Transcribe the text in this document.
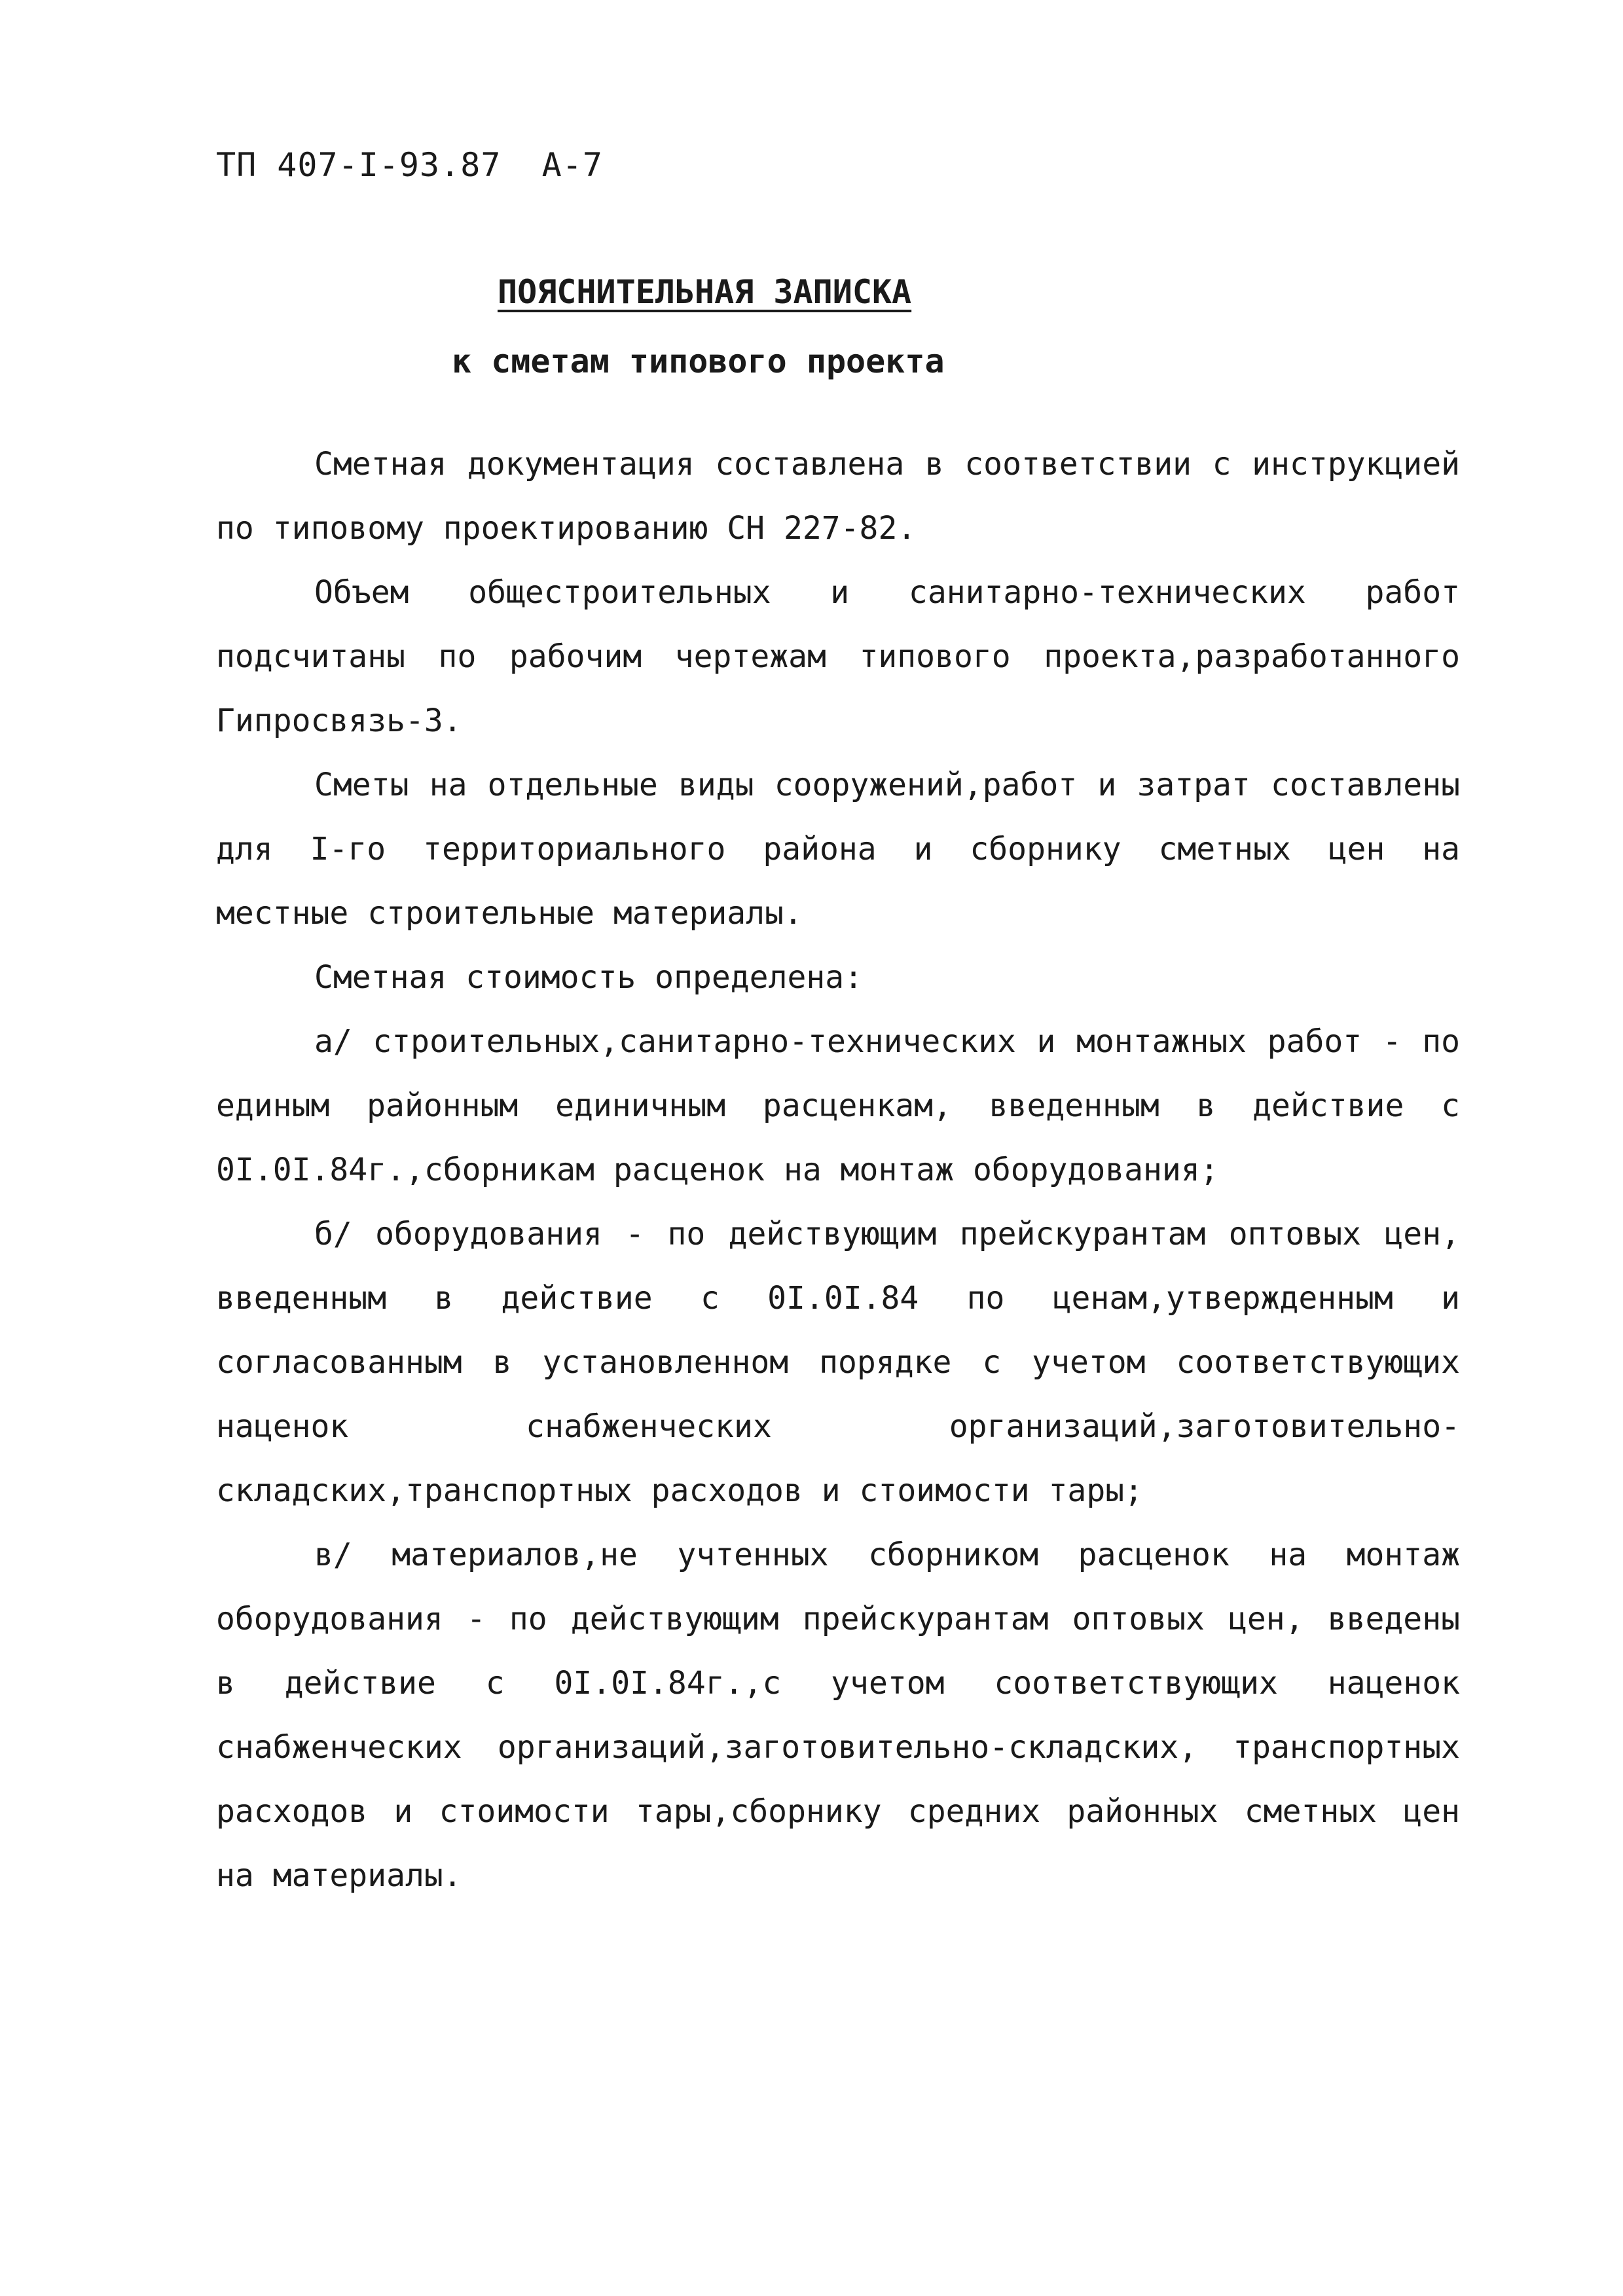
ТП 407-I-93.87  А-7
ПОЯСНИТЕЛЬНАЯ ЗАПИСКА
к сметам типового проекта

Сметная документация составлена в соответствии с инструкцией по типовому проектированию СН 227-82.

Объем общестроительных и санитарно-технических работ подсчитаны по рабочим чертежам типового проекта,разработанного Гипросвязь-3.

Сметы на отдельные виды сооружений,работ и затрат составлены для I-го территориального района и сборнику сметных цен на местные строительные материалы.

Сметная стоимость определена:

а/ строительных,санитарно-технических и монтажных работ - по единым районным единичным расценкам, введенным в действие с 0I.0I.84г.,сборникам расценок на монтаж оборудования;

б/ оборудования - по действующим прейскурантам оптовых цен, введенным в действие с 0I.0I.84 по ценам,утвержденным и согласованным в установленном порядке с учетом соответствующих наценок снабженческих организаций,заготовительно-складских,транспортных расходов и стоимости тары;

в/ материалов,не учтенных сборником расценок на монтаж оборудования - по действующим прейскурантам оптовых цен, введены в действие с 0I.0I.84г.,с учетом соответствующих наценок снабженческих организаций,заготовительно-складских, транспортных расходов и стоимости тары,сборнику средних районных сметных цен на материалы.
